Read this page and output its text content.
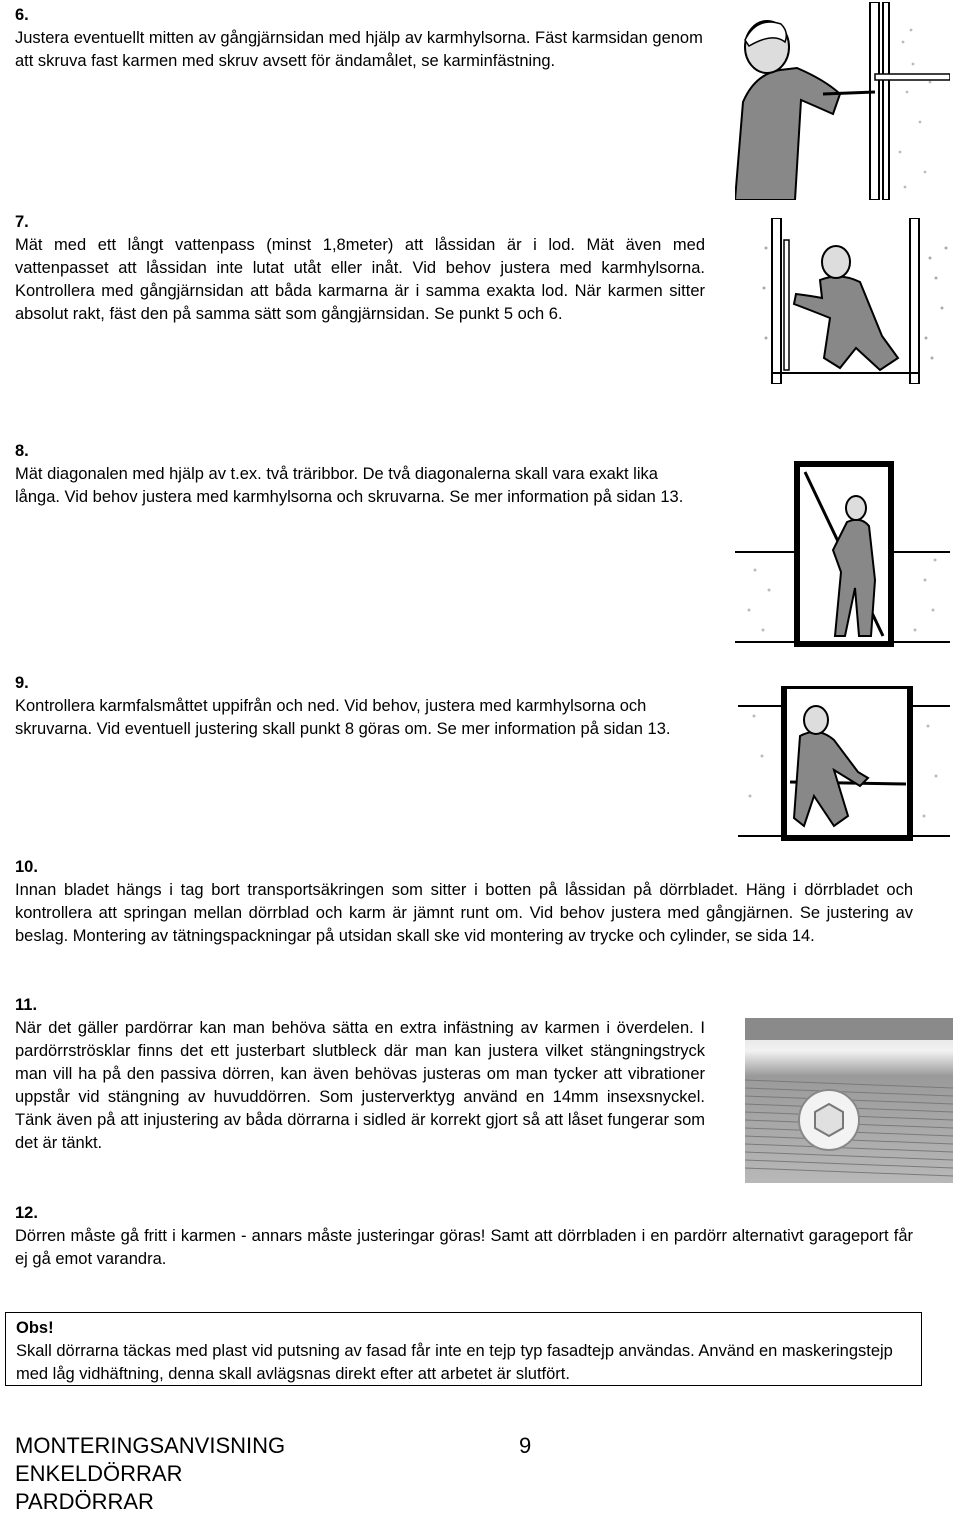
6.
Justera eventuellt mitten av gångjärnsidan med hjälp av karmhylsorna. Fäst karmsidan genom att skruva fast karmen med skruv avsett för ändamålet, se karminfästning.
7.
Mät med ett långt vattenpass (minst 1,8meter) att låssidan är i lod. Mät även med vattenpasset att låssidan inte lutat utåt eller inåt. Vid behov justera med karmhylsorna. Kontrollera med gångjärnsidan att båda karmarna är i samma exakta lod. När karmen sitter absolut rakt, fäst den på samma sätt som gångjärnsidan. Se punkt 5 och 6.
8.
Mät diagonalen med hjälp av t.ex. två träribbor. De två diagonalerna skall vara exakt lika långa. Vid behov justera med karmhylsorna och skruvarna. Se mer information på sidan 13.
9.
Kontrollera karmfalsmåttet uppifrån och ned. Vid behov, justera med karmhylsorna och skruvarna. Vid eventuell justering skall punkt 8 göras om. Se mer information på sidan 13.
10.
Innan bladet hängs i tag bort transportsäkringen som sitter i botten på låssidan på dörrbladet. Häng i dörrbladet och kontrollera att springan mellan dörrblad och karm är jämnt runt om. Vid behov justera med gångjärnen. Se justering av beslag. Montering av tätningspackningar på utsidan skall ske vid montering av trycke och cylinder, se sida 14.
11.
När det gäller pardörrar kan man behöva sätta en extra infästning av karmen i överdelen. I pardörrströsklar finns det ett justerbart slutbleck där man kan justera vilket stängningstryck man vill ha på den passiva dörren, kan även behövas justeras om man tycker att vibrationer uppstår vid stängning av huvuddörren. Som justerverktyg använd en 14mm insexsnyckel. Tänk även på att injustering av båda dörrarna i sidled är korrekt gjort så att låset fungerar som det är tänkt.
12.
Dörren måste gå fritt i karmen - annars måste justeringar göras! Samt att dörrbladen i en pardörr alternativt garageport får ej gå emot varandra.
Obs!
Skall dörrarna täckas med plast vid putsning av fasad får inte en tejp typ fasadtejp användas. Använd en maskeringstejp med låg vidhäftning, denna skall avlägsnas direkt efter att arbetet är slutfört.
MONTERINGSANVISNING
ENKELDÖRRAR
PARDÖRRAR
9
